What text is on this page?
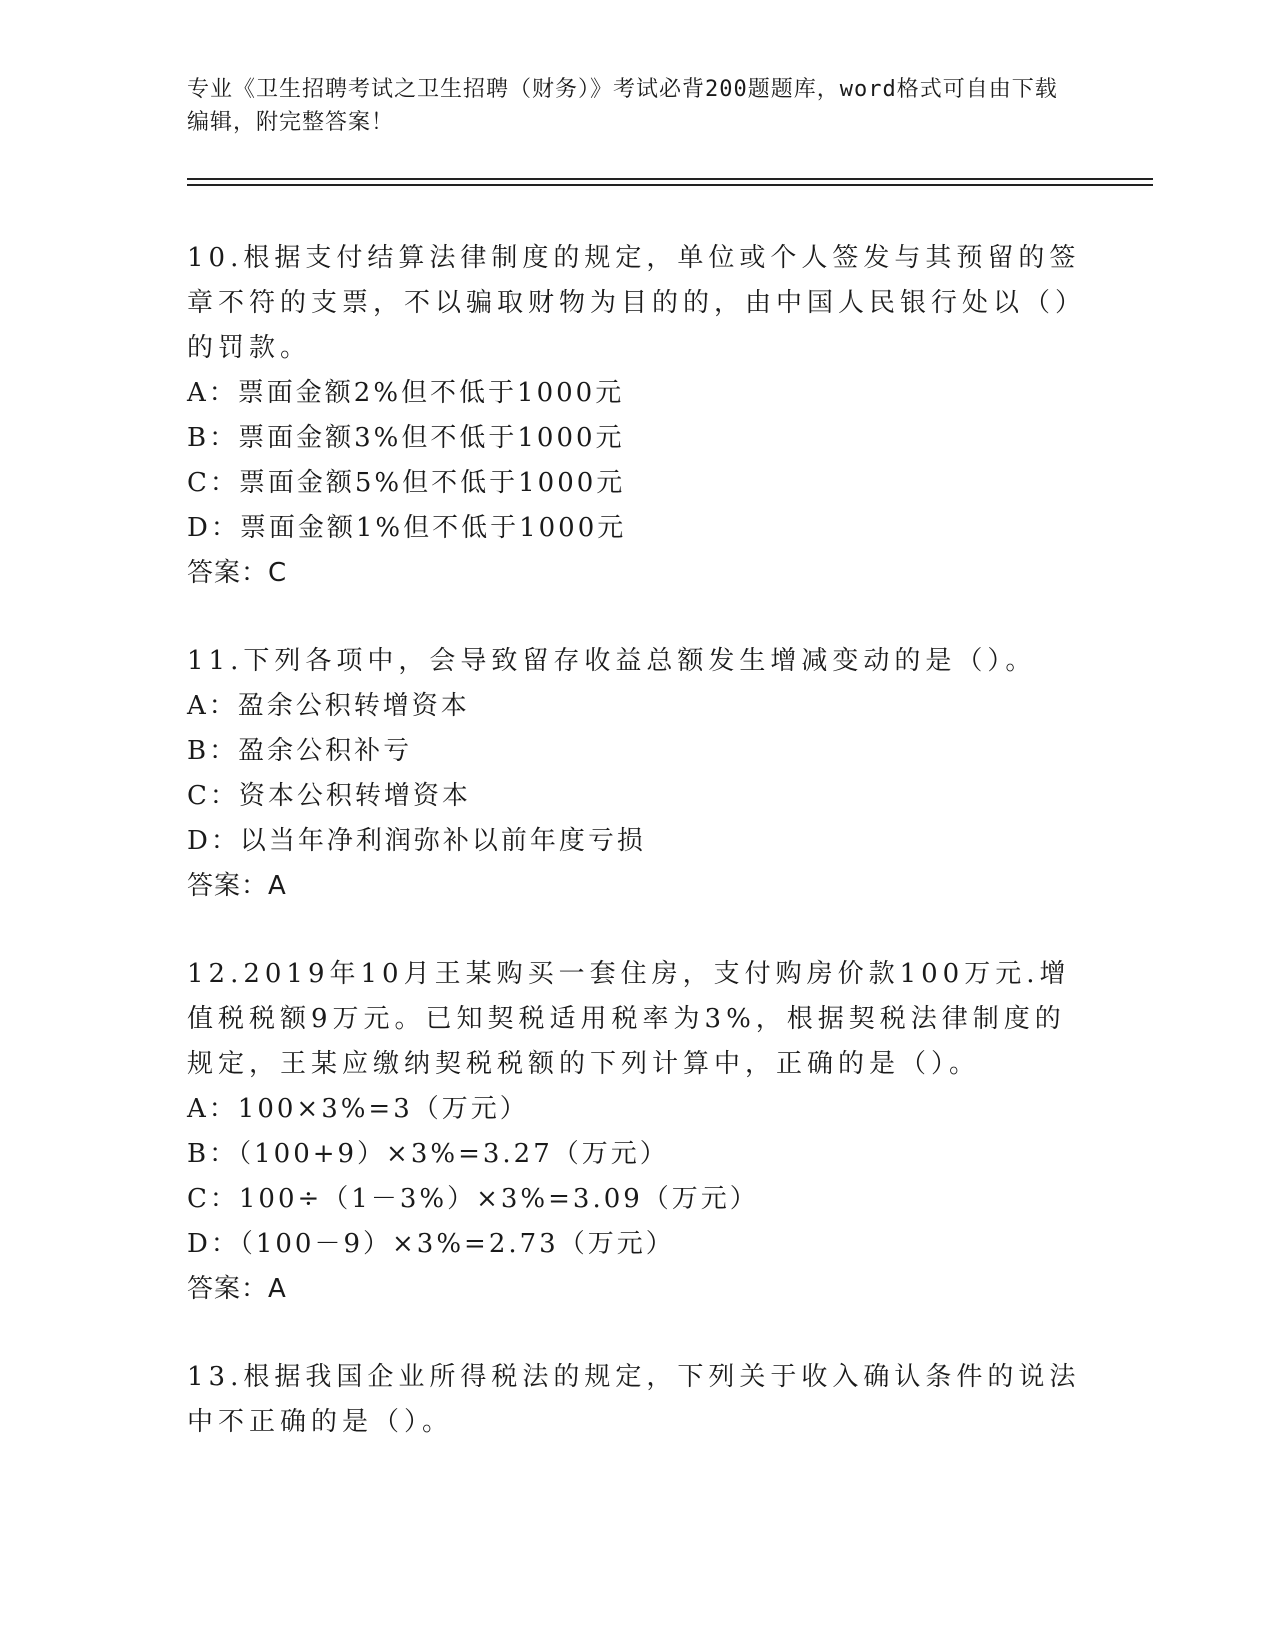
专业《卫生招聘考试之卫生招聘（财务）》考试必背200题题库，word格式可自由下载编辑，附完整答案！

10.根据支付结算法律制度的规定，单位或个人签发与其预留的签章不符的支票，不以骗取财物为目的的，由中国人民银行处以（）的罚款。

A：票面金额2%但不低于1000元

B：票面金额3%但不低于1000元

C：票面金额5%但不低于1000元

D：票面金额1%但不低于1000元

答案：C

11.下列各项中，会导致留存收益总额发生增减变动的是（）。

A：盈余公积转增资本

B：盈余公积补亏

C：资本公积转增资本

D：以当年净利润弥补以前年度亏损

答案：A

12.2019年10月王某购买一套住房，支付购房价款100万元.增值税税额9万元。已知契税适用税率为3%，根据契税法律制度的规定，王某应缴纳契税税额的下列计算中，正确的是（）。

A：100×3%=3（万元）

B：（100+9）×3%=3.27（万元）

C：100÷（1－3%）×3%=3.09（万元）

D：（100－9）×3%=2.73（万元）

答案：A

13.根据我国企业所得税法的规定，下列关于收入确认条件的说法中不正确的是（）。
